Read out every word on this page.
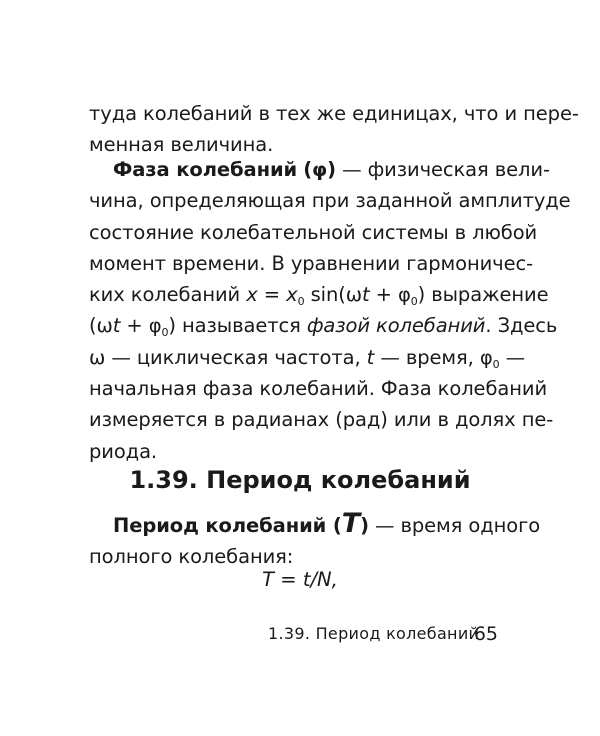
туда колебаний в тех же единицах, что и пере-
менная величина.
Фаза колебаний (φ) — физическая вели-
чина, определяющая при заданной амплитуде
состояние колебательной системы в любой
момент времени. В уравнении гармоничес-
ких колебаний $x = x_0$ $\sin(\omega t + \varphi_0)$ выражение
$(\omega t + \varphi_0)$ называется фазой колебаний. Здесь
ω — циклическая частота, t — время, $\varphi_0$ —
начальная фаза колебаний. Фаза колебаний
измеряется в радианах (рад) или в долях пе-
риода.
1.39. Период колебаний
Период колебаний (T) — время одного
полного колебания:
T = t/N,
1.39. Период колебаний
65
